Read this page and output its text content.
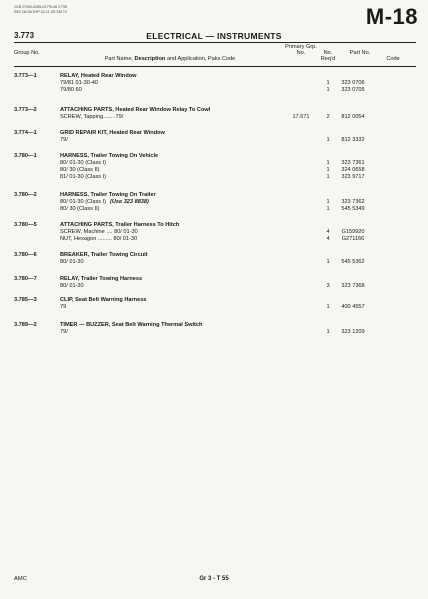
JOB 27000-0285-02 P6-08 3 T55
REV 06-08 EXP 02-11 G5 SM 74	M-18
3.773	ELECTRICAL — INSTRUMENTS
Group No.
Part Name, Description and Application, Paks Code
Primary Grp. No.	No. Req'd
Part No.
Code
3.773—1	RELAY, Heated Rear Window
79/81 01-30-40	1	323 0706
79/80 60	1	323 0705
3.773—2	ATTACHING PARTS, Heated Rear Window Relay To Cowl
SCREW, Tapping....... 79/	17.671	2	812 0054
3.774—1	GRID REPAIR KIT, Heated Rear Window
79/	1	812 3332
3.780—1	HARNESS, Trailer Towing On Vehicle
80/ 01-30 (Class I)	1	323 7361
80/ 30 (Class II)	1	324 0658
81/ 01-30 (Class I)	1	323 9717
3.780—2	HARNESS, Trailer Towing On Trailer
80/ 01-30 (Class I) (Use 323 8838)	1	323 7362
80/ 30 (Class II)	1	545 5349
3.780—5	ATTACHING PARTS, Trailer Harness To Hitch
SCREW, Machine .... 80/ 01-30	4	G159920
NUT, Hexagon ......... 80/ 01-30	4	G271166
3.780—6	BREAKER, Trailer Towing Circuit
80/ 01-30	1	545 5362
3.780—7	RELAY, Trailer Towing Harness
80/ 01-30	3	323 7368
3.785—3	CLIP, Seat Belt Warning Harness
79	1	400 4557
3.789—2	TIMER — BUZZER, Seat Belt Warning Thermal Switch
79/	1	323 1209
AMC	Gr 3 - T 55
